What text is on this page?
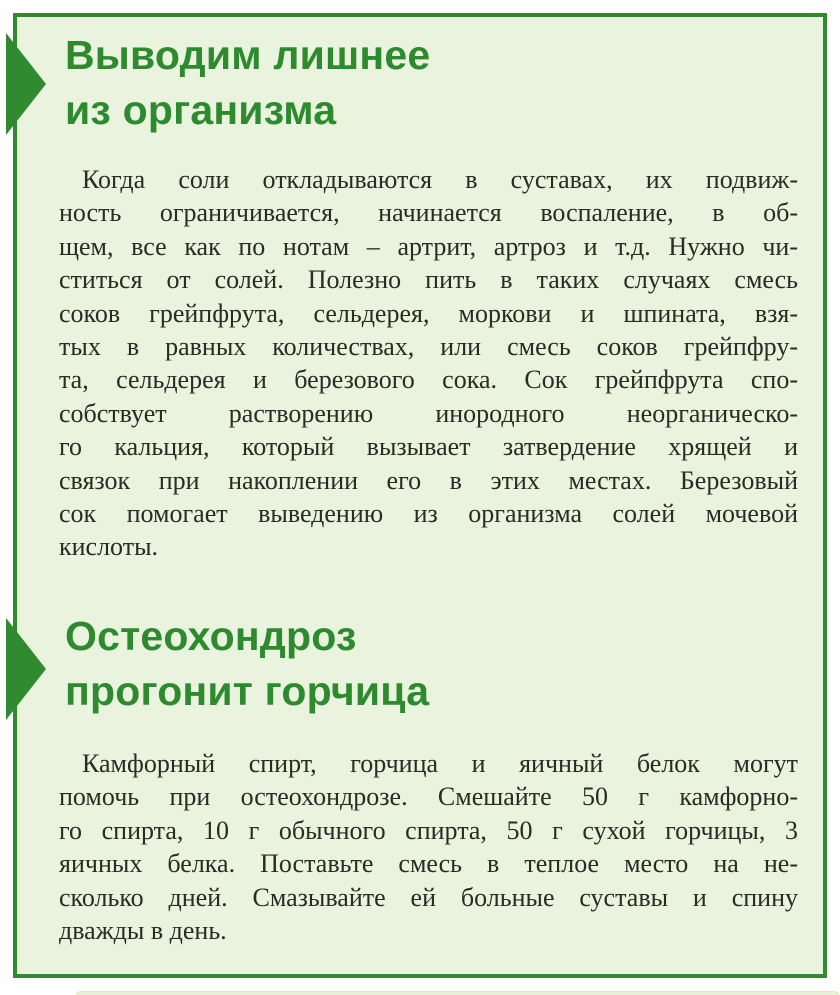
Выводим лишнее
из организма
Когда соли откладываются в суставах, их подвиж-
ность ограничивается, начинается воспаление, в об-
щем, все как по нотам – артрит, артроз и т.д. Нужно чи-
ститься от солей. Полезно пить в таких случаях смесь
соков грейпфрута, сельдерея, моркови и шпината, взя-
тых в равных количествах, или смесь соков грейпфру-
та, сельдерея и березового сока. Сок грейпфрута спо-
собствует растворению инородного неорганическо-
го кальция, который вызывает затвердение хрящей и
связок при накоплении его в этих местах. Березовый
сок помогает выведению из организма солей мочевой
кислоты.
Остеохондроз
прогонит горчица
Камфорный спирт, горчица и яичный белок могут
помочь при остеохондрозе. Смешайте 50 г камфорно-
го спирта, 10 г обычного спирта, 50 г сухой горчицы, 3
яичных белка. Поставьте смесь в теплое место на не-
сколько дней. Смазывайте ей больные суставы и спину
дважды в день.
